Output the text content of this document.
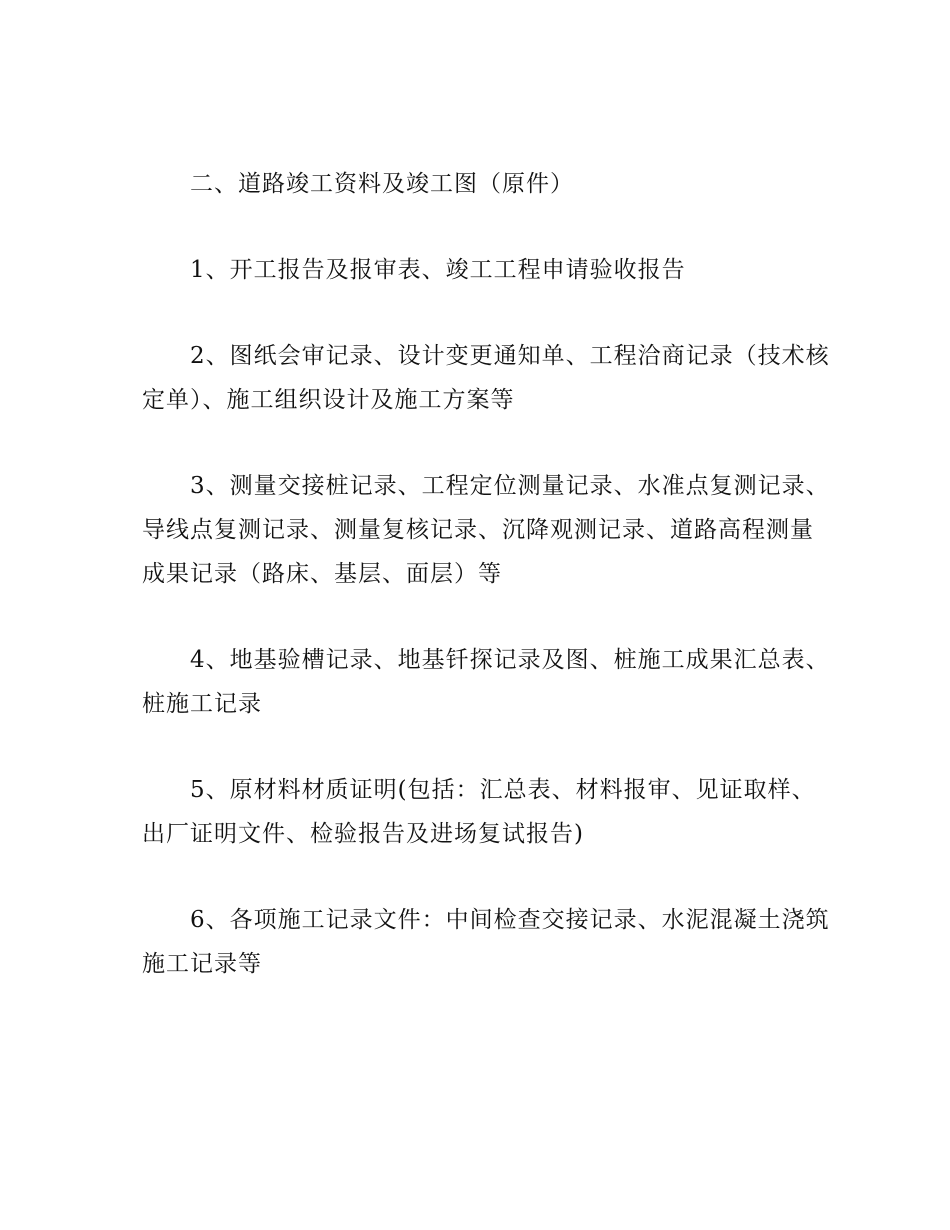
二、道路竣工资料及竣工图（原件）

1、开工报告及报审表、竣工工程申请验收报告

2、图纸会审记录、设计变更通知单、工程洽商记录（技术核定单）、施工组织设计及施工方案等

3、测量交接桩记录、工程定位测量记录、水准点复测记录、导线点复测记录、测量复核记录、沉降观测记录、道路高程测量成果记录（路床、基层、面层）等

4、地基验槽记录、地基钎探记录及图、桩施工成果汇总表、桩施工记录

5、原材料材质证明(包括：汇总表、材料报审、见证取样、出厂证明文件、检验报告及进场复试报告)

6、各项施工记录文件：中间检查交接记录、水泥混凝土浇筑施工记录等
